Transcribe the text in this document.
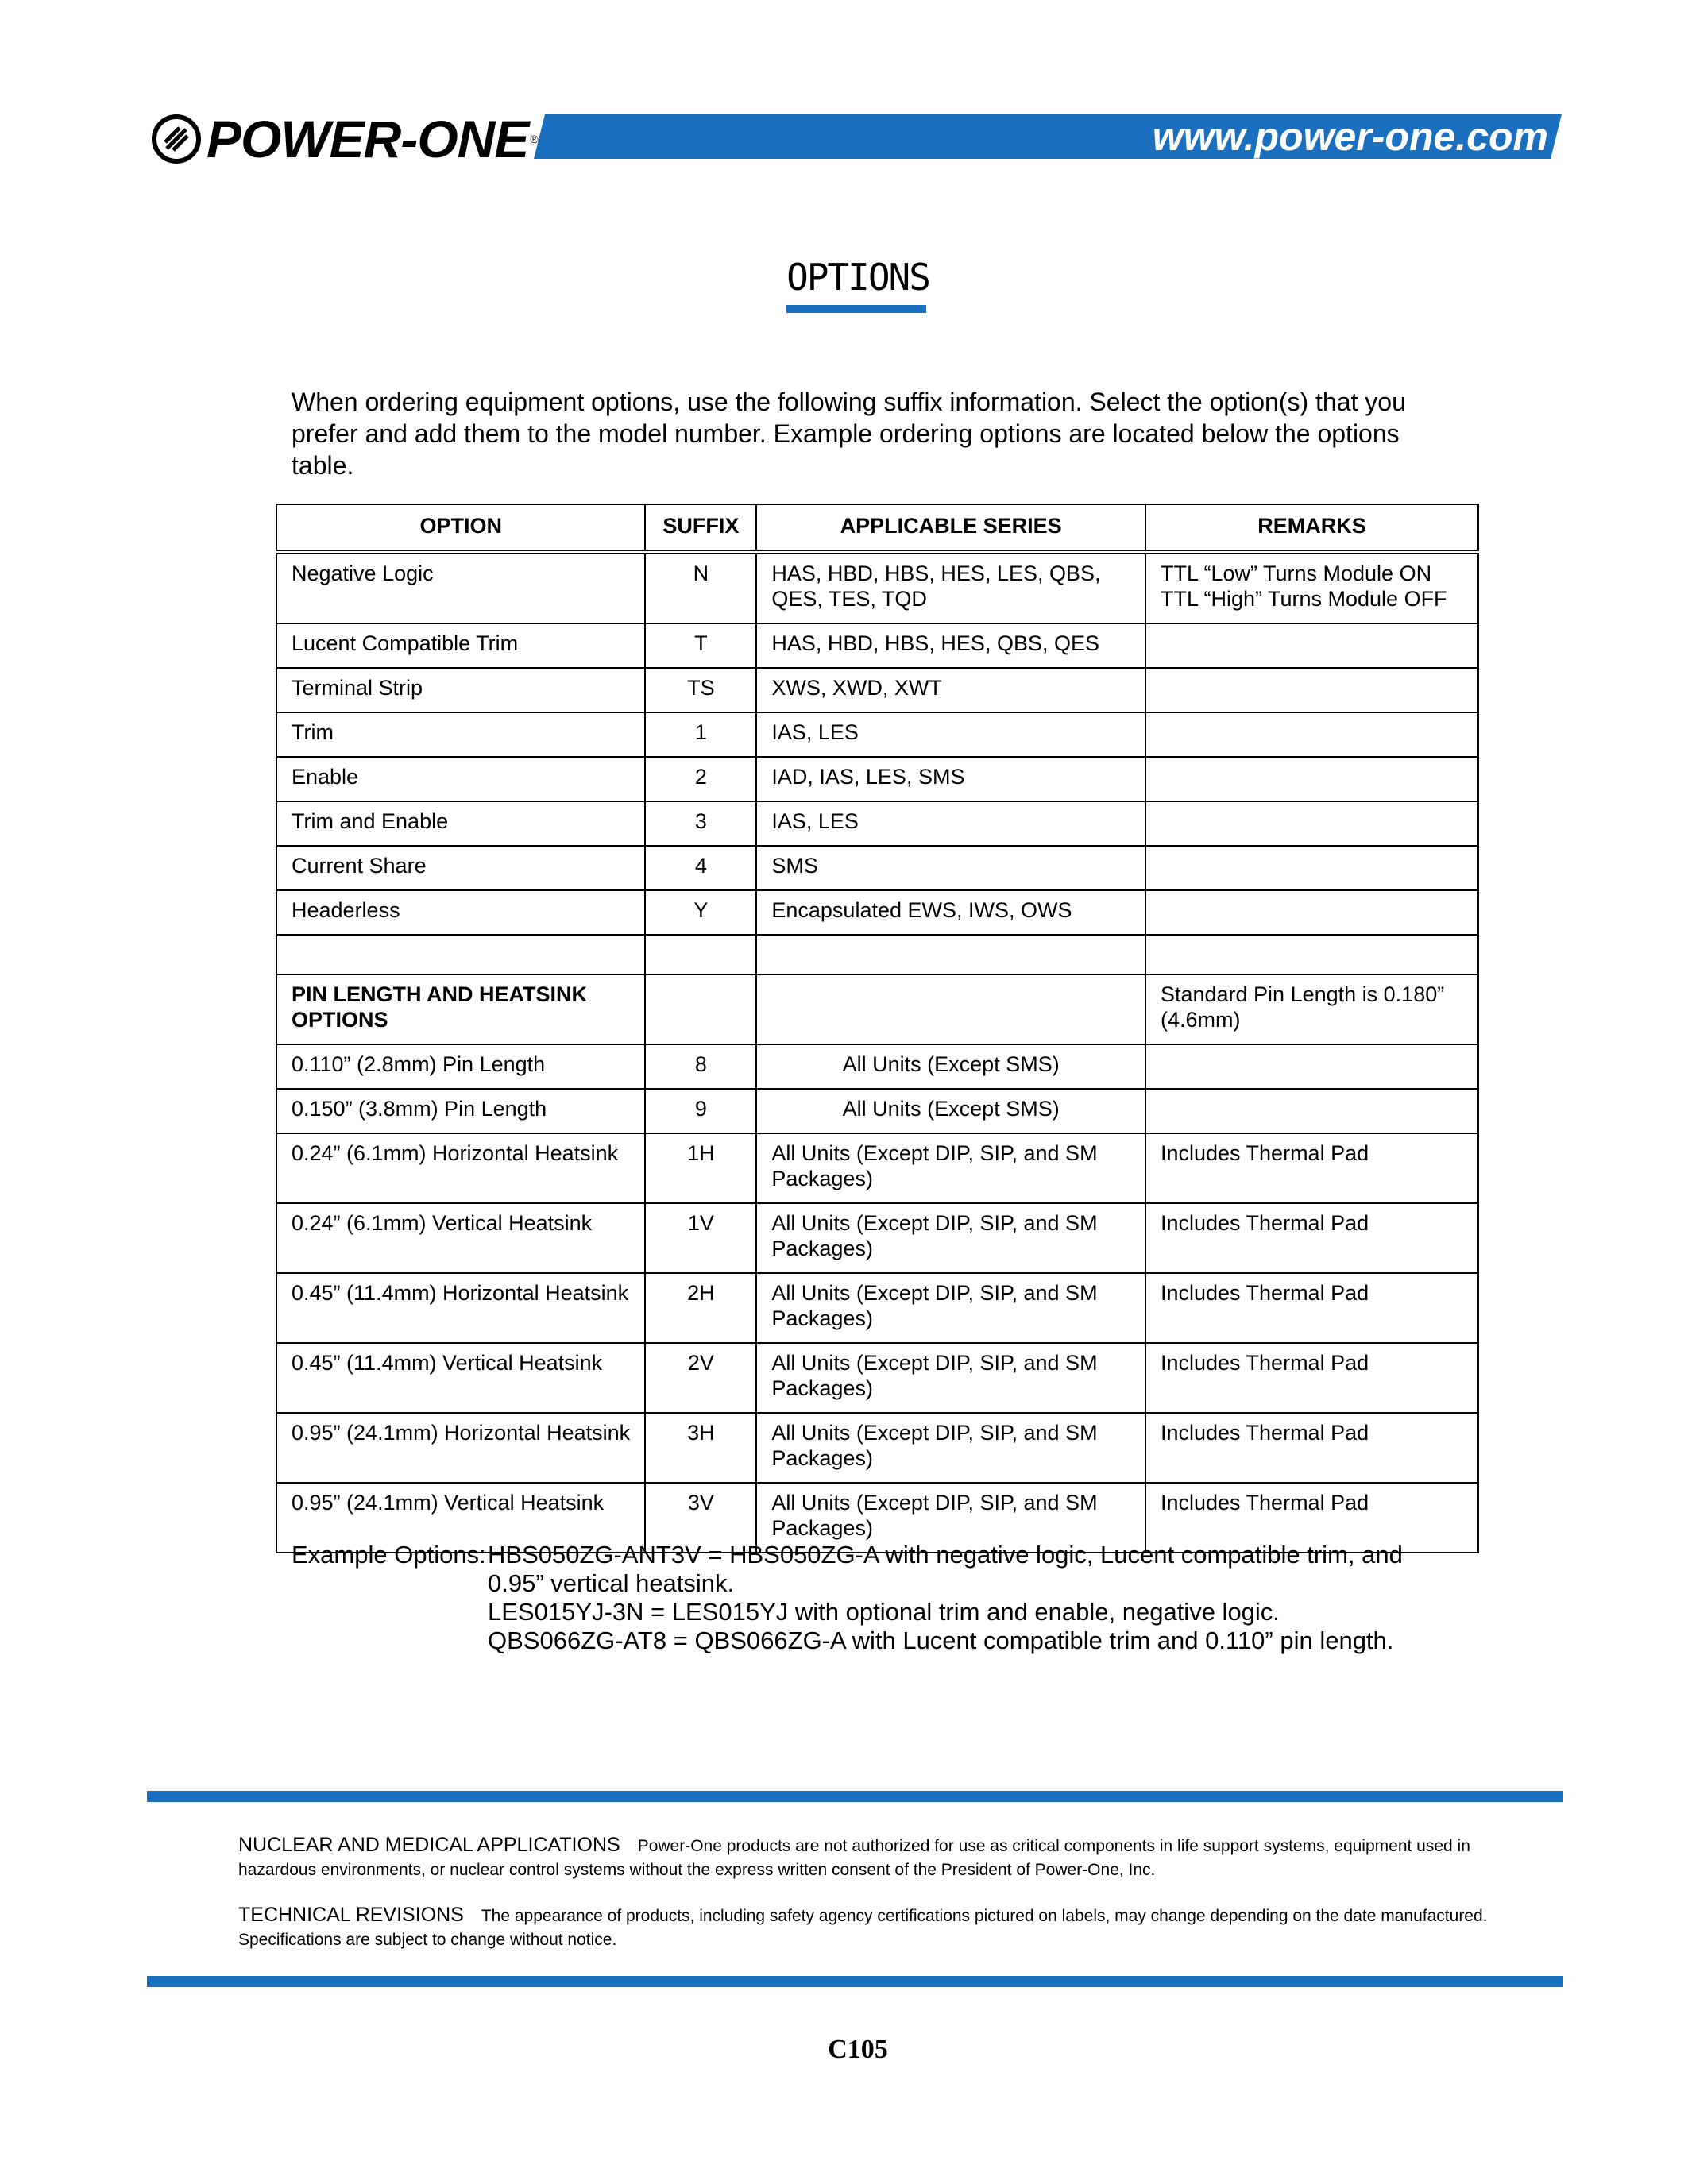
POWER-ONE ®	www.power-one.com
OPTIONS
When ordering equipment options, use the following suffix information. Select the option(s) that you prefer and add them to the model number. Example ordering options are located below the options table.
OPTION	SUFFIX	APPLICABLE SERIES	REMARKS
Negative Logic	N	HAS, HBD, HBS, HES, LES, QBS, QES, TES, TQD	TTL “Low” Turns Module ON TTL “High” Turns Module OFF
Lucent Compatible Trim	T	HAS, HBD, HBS, HES, QBS, QES	
Terminal Strip	TS	XWS, XWD, XWT	
Trim	1	IAS, LES	
Enable	2	IAD, IAS, LES, SMS	
Trim and Enable	3	IAS, LES	
Current Share	4	SMS	
Headerless	Y	Encapsulated EWS, IWS, OWS	

PIN LENGTH AND HEATSINK OPTIONS			Standard Pin Length is 0.180” (4.6mm)
0.110” (2.8mm) Pin Length	8	All Units (Except SMS)	
0.150” (3.8mm) Pin Length	9	All Units (Except SMS)	
0.24” (6.1mm) Horizontal Heatsink	1H	All Units (Except DIP, SIP, and SM Packages)	Includes Thermal Pad
0.24” (6.1mm) Vertical Heatsink	1V	All Units (Except DIP, SIP, and SM Packages)	Includes Thermal Pad
0.45” (11.4mm) Horizontal Heatsink	2H	All Units (Except DIP, SIP, and SM Packages)	Includes Thermal Pad
0.45” (11.4mm) Vertical Heatsink	2V	All Units (Except DIP, SIP, and SM Packages)	Includes Thermal Pad
0.95” (24.1mm) Horizontal Heatsink	3H	All Units (Except DIP, SIP, and SM Packages)	Includes Thermal Pad
0.95” (24.1mm) Vertical Heatsink	3V	All Units (Except DIP, SIP, and SM Packages)	Includes Thermal Pad
Example Options: HBS050ZG-ANT3V = HBS050ZG-A with negative logic, Lucent compatible trim, and
0.95” vertical heatsink.
LES015YJ-3N = LES015YJ with optional trim and enable, negative logic.
QBS066ZG-AT8 = QBS066ZG-A with Lucent compatible trim and 0.110” pin length.
NUCLEAR AND MEDICAL APPLICATIONS Power-One products are not authorized for use as critical components in life support systems, equipment used in hazardous environments, or nuclear control systems without the express written consent of the President of Power-One, Inc.
TECHNICAL REVISIONS The appearance of products, including safety agency certifications pictured on labels, may change depending on the date manufactured. Specifications are subject to change without notice.
C105
